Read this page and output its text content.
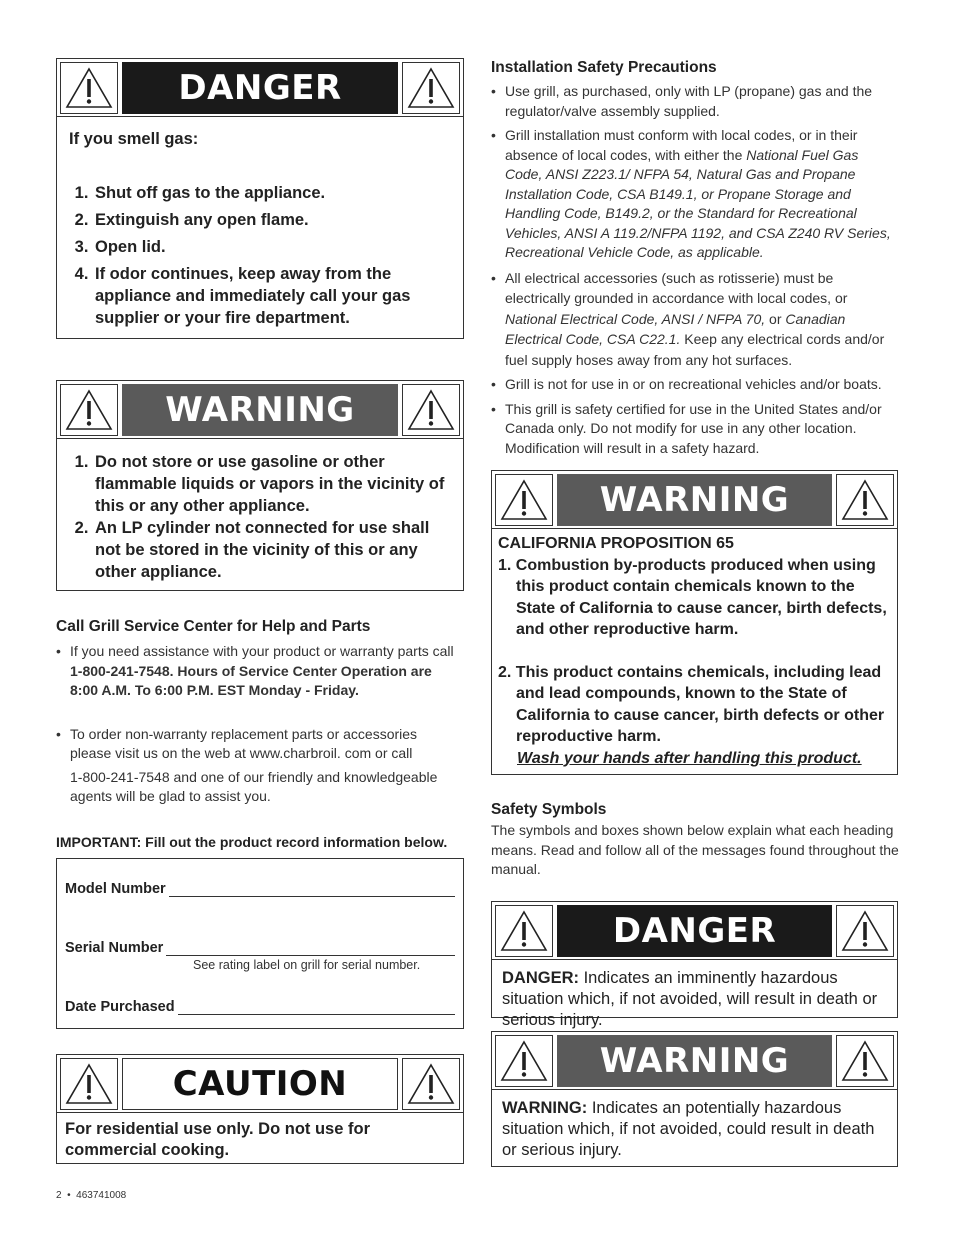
DANGER
If you smell gas:
1. Shut off gas to the appliance.
2. Extinguish any open flame.
3. Open lid.
4. If odor continues, keep away from the appliance and immediately call your gas supplier or your fire department.
WARNING
1. Do not store or use gasoline or other flammable liquids or vapors in the vicinity of this or any other appliance.
2. An LP cylinder not connected for use shall not be stored in the vicinity of this or any other appliance.
Call Grill Service Center for Help and Parts
• If you need assistance with your product or warranty parts call 1-800-241-7548. Hours of Service Center Operation are 8:00 A.M. To 6:00 P.M. EST Monday - Friday.
• To order non-warranty replacement parts or accessories please visit us on the web at www.charbroil. com or call
1-800-241-7548 and one of our friendly and knowledgeable agents will be glad to assist you.
IMPORTANT: Fill out the product record information below.
Model Number
Serial Number
See rating label on grill for serial number.
Date Purchased
CAUTION
For residential use only. Do not use for commercial cooking.
2  •  463741008
Installation Safety Precautions
• Use grill, as purchased, only with LP (propane) gas and the regulator/valve assembly supplied.
• Grill installation must conform with local codes, or in their absence of local codes, with either the National Fuel Gas Code, ANSI Z223.1/ NFPA 54, Natural Gas and Propane Installation Code, CSA B149.1, or Propane Storage and Handling Code, B149.2, or the Standard for Recreational Vehicles, ANSI A 119.2/NFPA 1192, and CSA Z240 RV Series, Recreational Vehicle Code, as applicable.
• All electrical accessories (such as rotisserie) must be electrically grounded in accordance with local codes, or National Electrical Code, ANSI / NFPA 70, or Canadian Electrical Code, CSA C22.1. Keep any electrical cords and/or fuel supply hoses away from any hot surfaces.
• Grill is not for use in or on recreational vehicles and/or boats.
• This grill is safety certified for use in the United States and/or Canada only. Do not modify for use in any other location. Modification will result in a safety hazard.
WARNING
CALIFORNIA PROPOSITION 65
1. Combustion by-products produced when using this product contain chemicals known to the State of California to cause cancer, birth defects, and other reproductive harm.
2. This product contains chemicals, including lead and lead compounds, known to the State of California to cause cancer, birth defects or other reproductive harm.
Wash your hands after handling this product.
Safety Symbols
The symbols and boxes shown below explain what each heading means. Read and follow all of the messages found throughout the manual.
DANGER
DANGER: Indicates an imminently hazardous situation which, if not avoided, will result in death or serious injury.
WARNING
WARNING: Indicates an potentially hazardous situation which, if not avoided, could result in death or serious injury.
